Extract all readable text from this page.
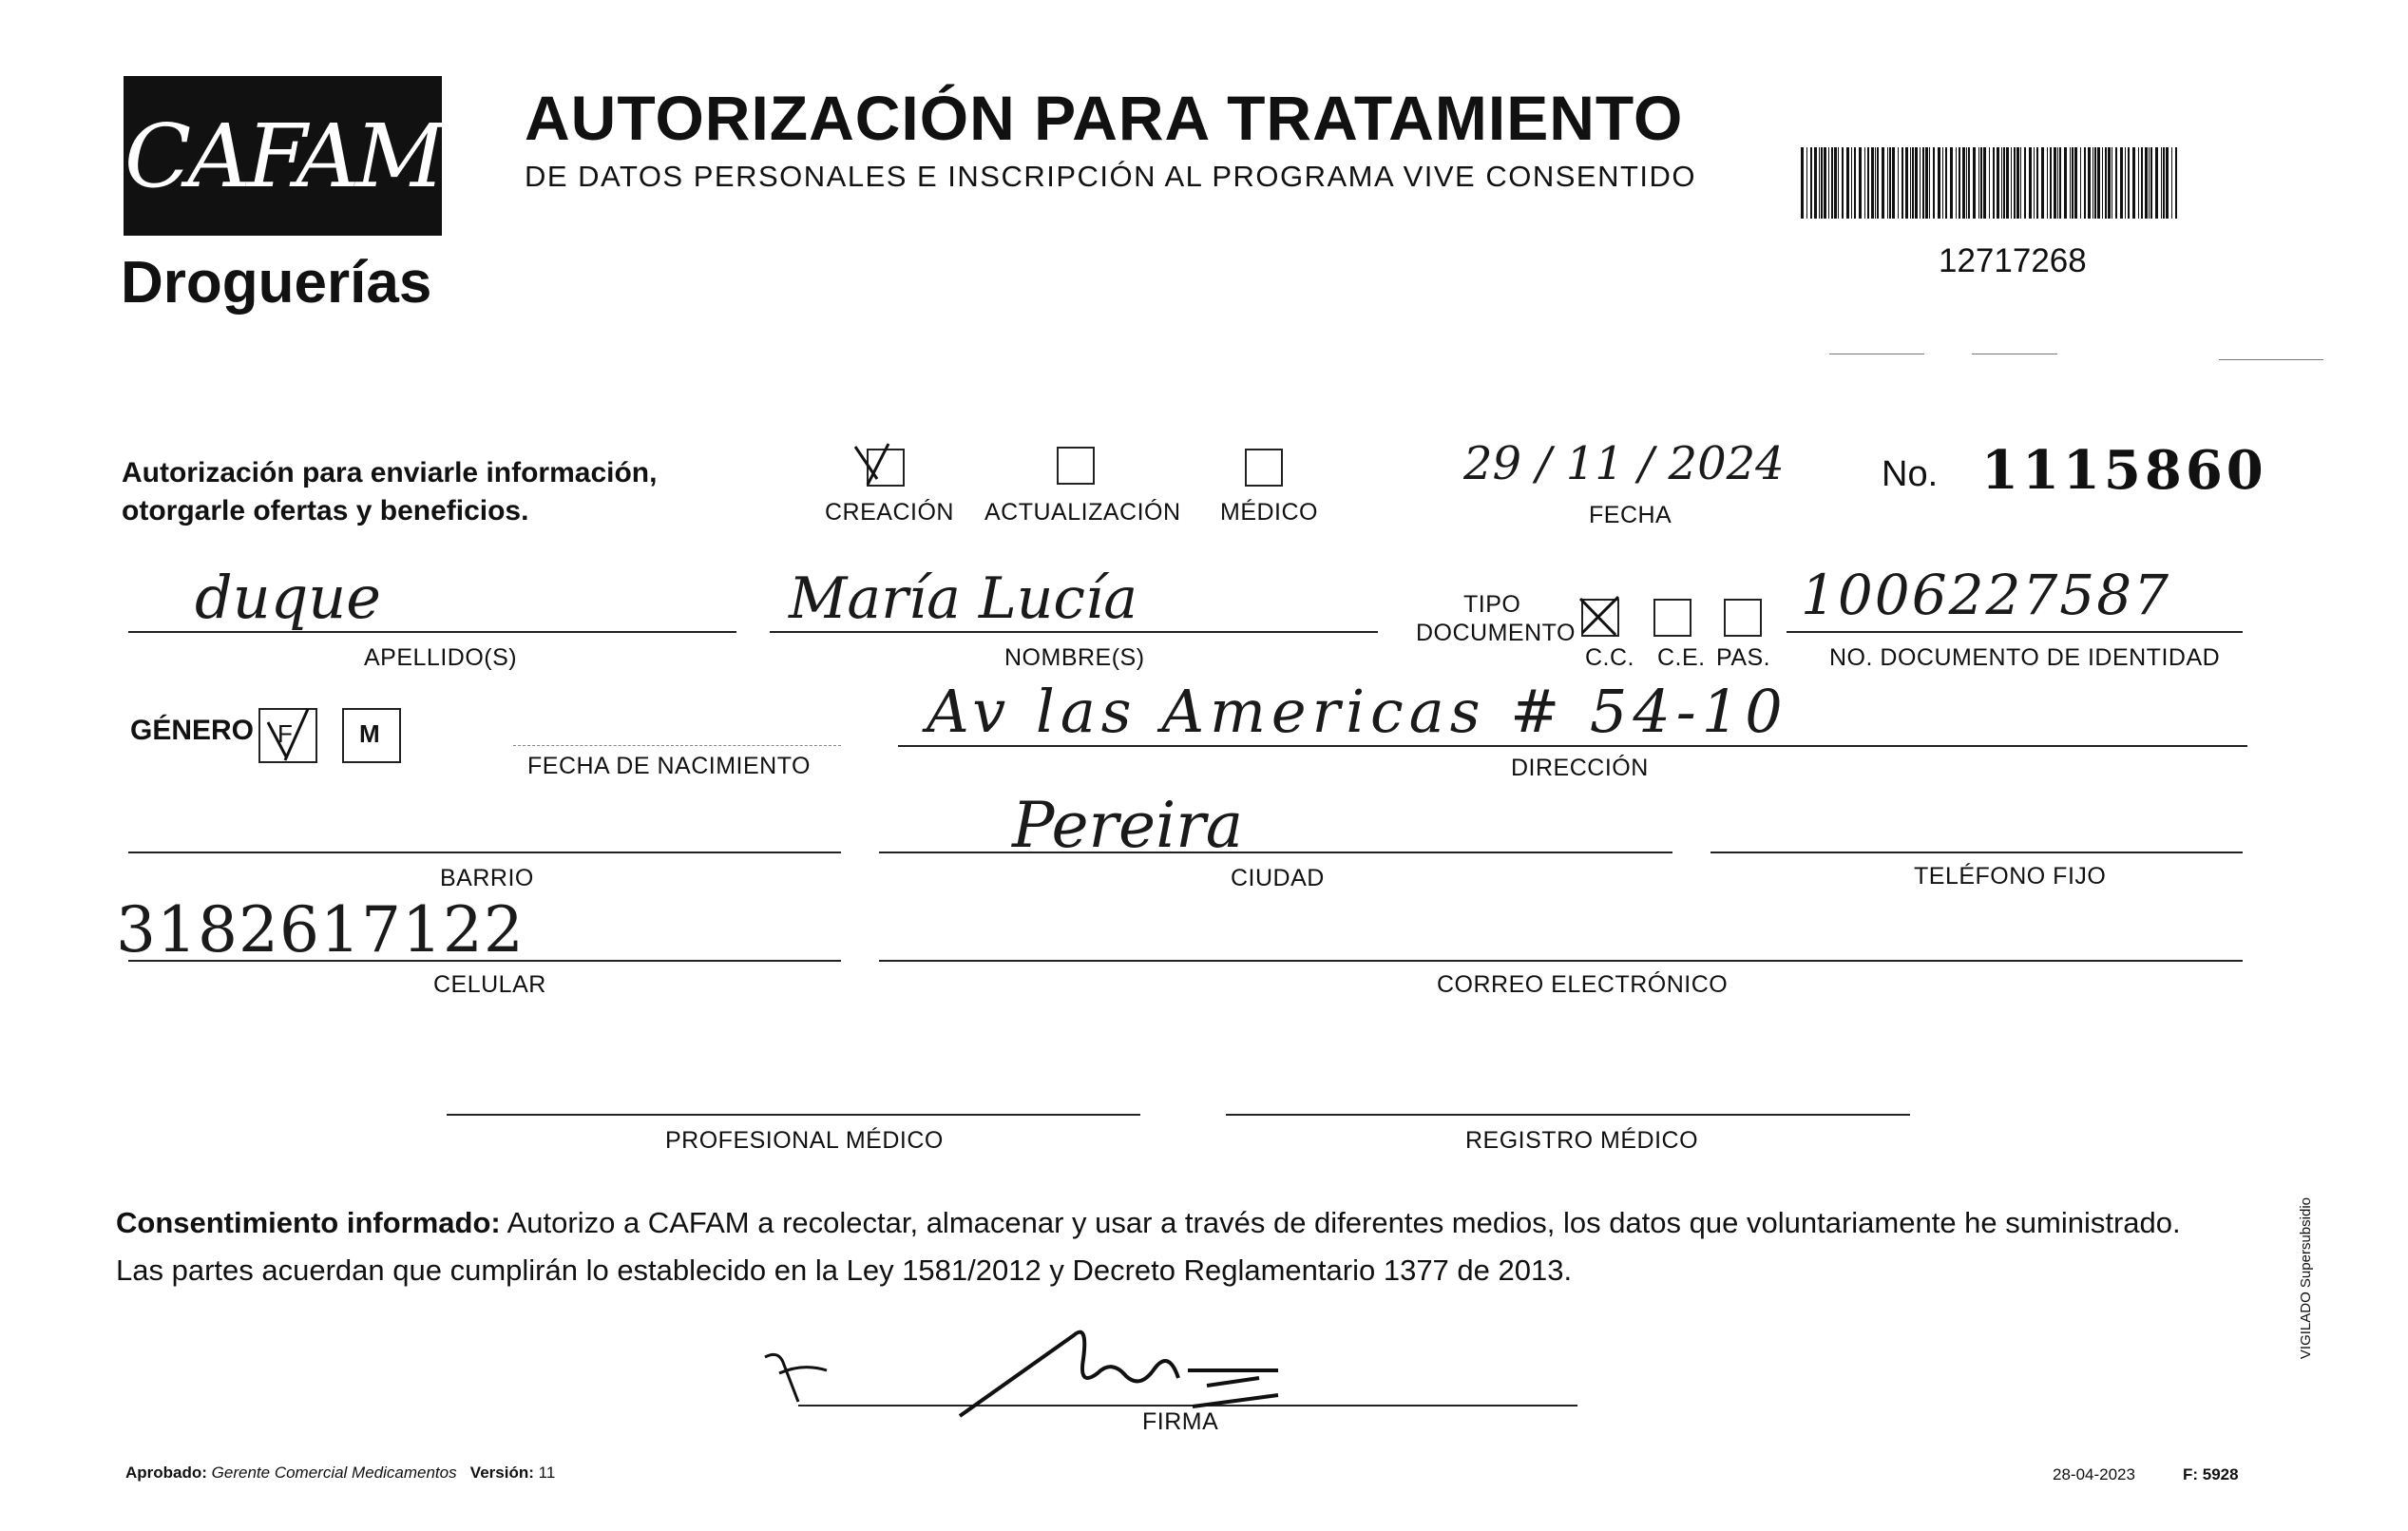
CAFAM
Droguerías
AUTORIZACIÓN PARA TRATAMIENTO
DE DATOS PERSONALES E INSCRIPCIÓN AL PROGRAMA VIVE CONSENTIDO
12717268
Autorización para enviarle información,
otorgarle ofertas y beneficios.	CREACIÓN ACTUALIZACIÓN MÉDICO
29 / 11 / 2024
FECHA
No. 1115860
duque
APELLIDO(S)
María Lucía
NOMBRE(S)
TIPO
DOCUMENTO
C.C. C.E. PAS.
1006227587
NO. DOCUMENTO DE IDENTIDAD
GÉNERO F	M
FECHA DE NACIMIENTO
Av las Americas # 54-10
DIRECCIÓN
BARRIO
Pereira
CIUDAD	TELÉFONO FIJO
3182617122
CELULAR	CORREO ELECTRÓNICO
PROFESIONAL MÉDICO	REGISTRO MÉDICO
Consentimiento informado: Autorizo a CAFAM a recolectar, almacenar y usar a través de diferentes medios, los datos que voluntariamente he suministrado.
Las partes acuerdan que cumplirán lo establecido en la Ley 1581/2012 y Decreto Reglamentario 1377 de 2013.
FIRMA
Aprobado: Gerente Comercial Medicamentos Versión: 11	28-04-2023	F: 5928
VIGILADO Supersubsidio
